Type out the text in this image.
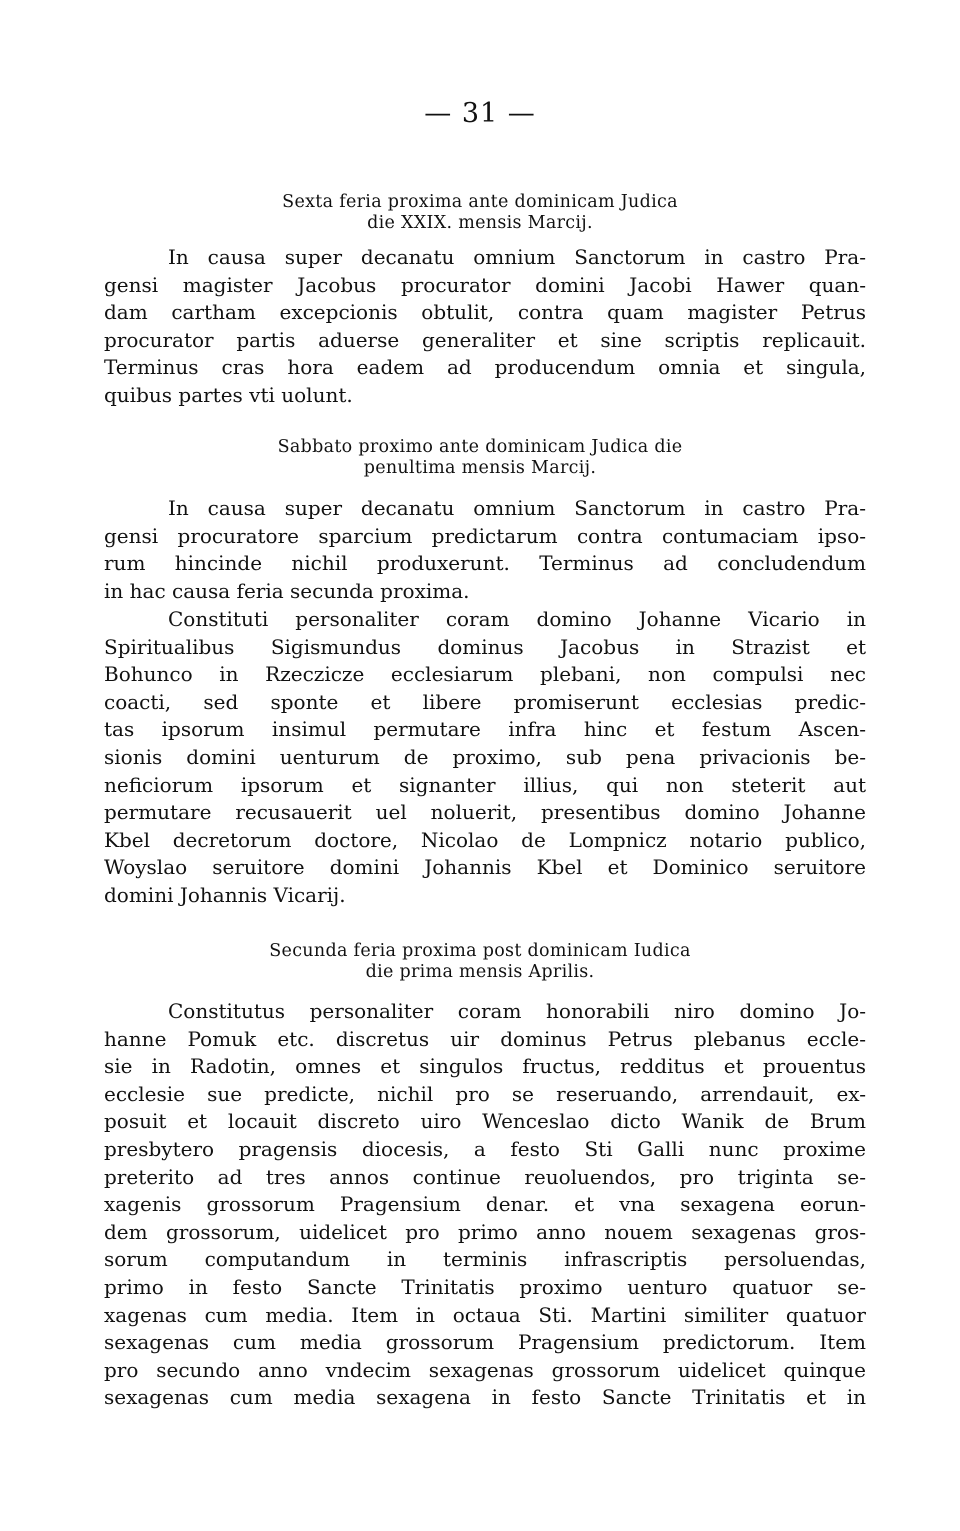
— 31 —
Sexta feria proxima ante dominicam Judica
die XXIX. mensis Marcij.
In causa super decanatu omnium Sanctorum in castro Pra-
gensi magister Jacobus procurator domini Jacobi Hawer quan-
dam cartham excepcionis obtulit, contra quam magister Petrus
procurator partis aduerse generaliter et sine scriptis replicauit.
Terminus cras hora eadem ad producendum omnia et singula,
quibus partes vti uolunt.
Sabbato proximo ante dominicam Judica die
penultima mensis Marcij.
In causa super decanatu omnium Sanctorum in castro Pra-
gensi procuratore sparcium predictarum contra contumaciam ipso-
rum hincinde nichil produxerunt. Terminus ad concludendum
in hac causa feria secunda proxima.
Constituti personaliter coram domino Johanne Vicario in
Spiritualibus Sigismundus dominus Jacobus in Strazist et
Bohunco in Rzeczicze ecclesiarum plebani, non compulsi nec
coacti, sed sponte et libere promiserunt ecclesias predic-
tas ipsorum insimul permutare infra hinc et festum Ascen-
sionis domini uenturum de proximo, sub pena privacionis be-
neficiorum ipsorum et signanter illius, qui non steterit aut
permutare recusauerit uel noluerit, presentibus domino Johanne
Kbel decretorum doctore, Nicolao de Lompnicz notario publico,
Woyslao seruitore domini Johannis Kbel et Dominico seruitore
domini Johannis Vicarij.
Secunda feria proxima post dominicam Iudica
die prima mensis Aprilis.
Constitutus personaliter coram honorabili niro domino Jo-
hanne Pomuk etc. discretus uir dominus Petrus plebanus eccle-
sie in Radotin, omnes et singulos fructus, redditus et prouentus
ecclesie sue predicte, nichil pro se reseruando, arrendauit, ex-
posuit et locauit discreto uiro Wenceslao dicto Wanik de Brum
presbytero pragensis diocesis, a festo Sti Galli nunc proxime
preterito ad tres annos continue reuoluendos, pro triginta se-
xagenis grossorum Pragensium denar. et vna sexagena eorun-
dem grossorum, uidelicet pro primo anno nouem sexagenas gros-
sorum computandum in terminis infrascriptis persoluendas,
primo in festo Sancte Trinitatis proximo uenturo quatuor se-
xagenas cum media. Item in octaua Sti. Martini similiter quatuor
sexagenas cum media grossorum Pragensium predictorum. Item
pro secundo anno vndecim sexagenas grossorum uidelicet quinque
sexagenas cum media sexagena in festo Sancte Trinitatis et in
